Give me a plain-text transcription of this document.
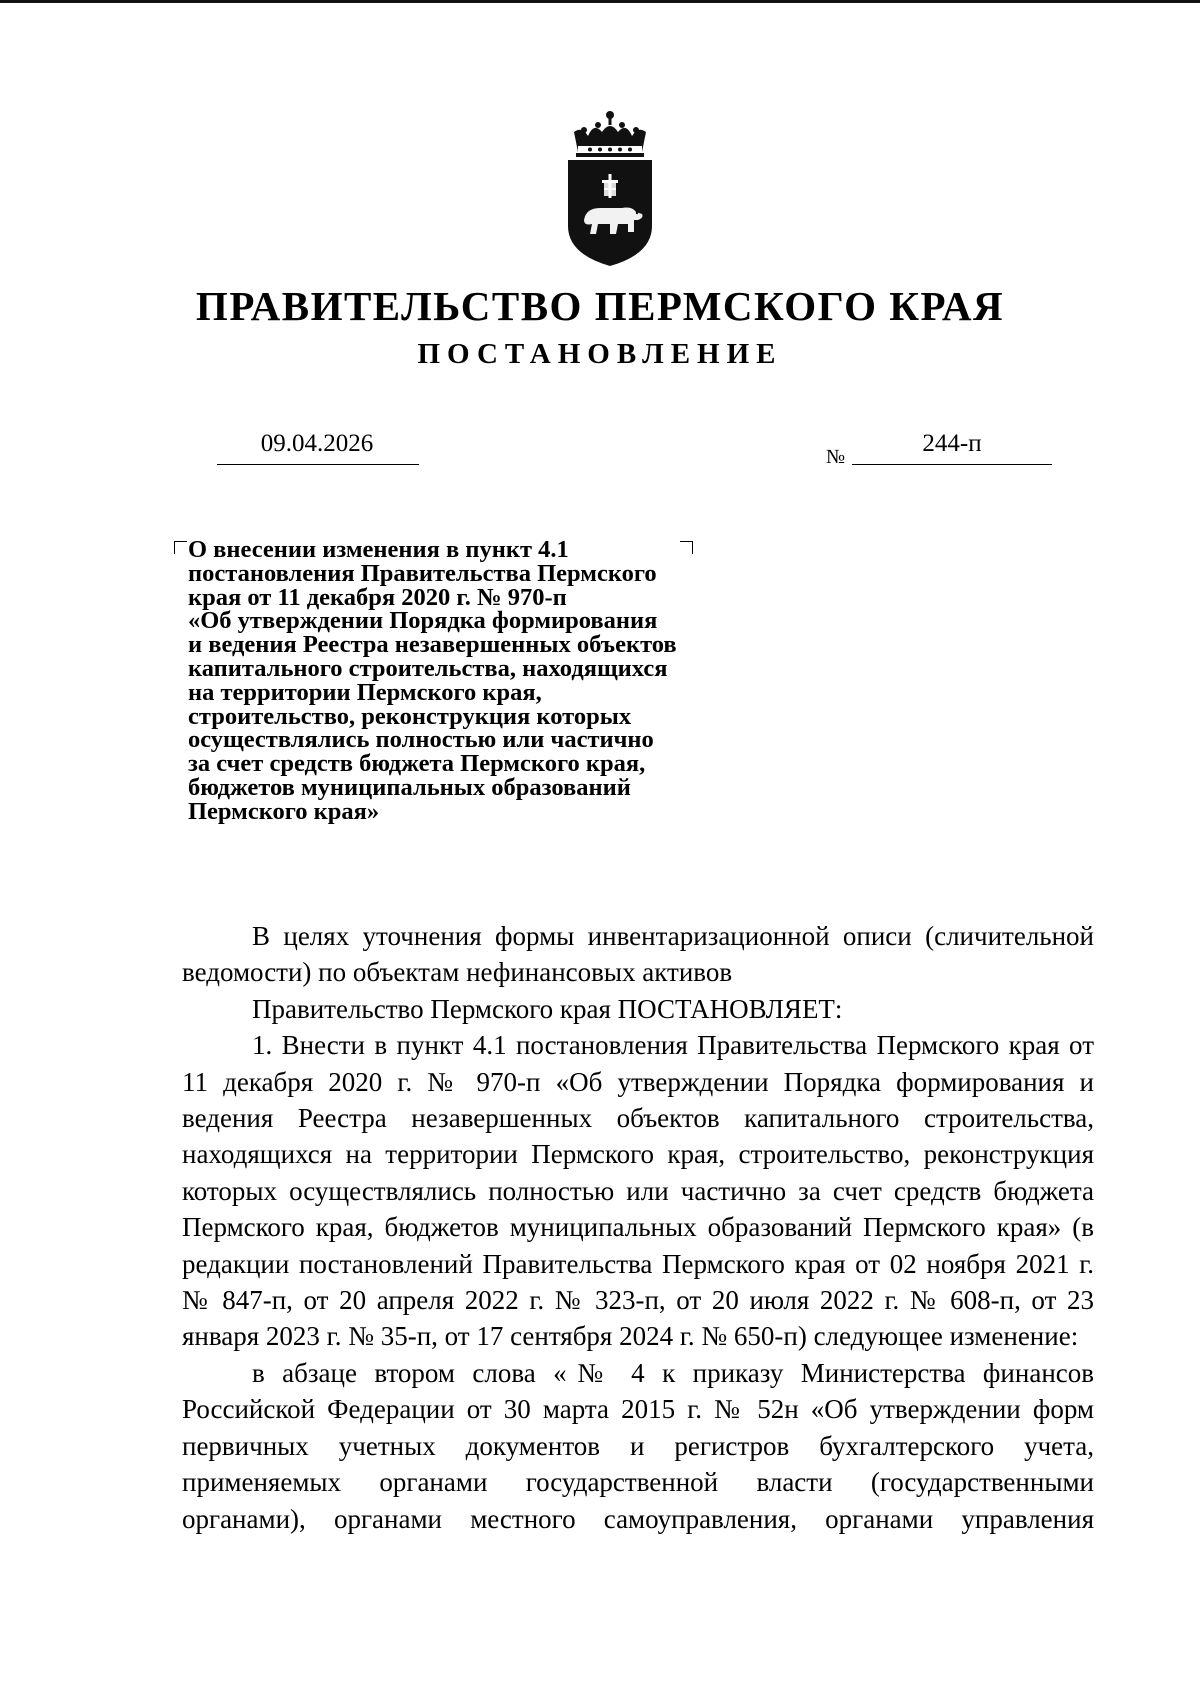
ПРАВИТЕЛЬСТВО ПЕРМСКОГО КРАЯ
ПОСТАНОВЛЕНИЕ
09.04.2026	№	244-п
О внесении изменения в пункт 4.1
постановления Правительства Пермского
края от 11 декабря 2020 г. № 970-п
«Об утверждении Порядка формирования
и ведения Реестра незавершенных объектов
капитального строительства, находящихся
на территории Пермского края,
строительство, реконструкция которых
осуществлялись полностью или частично
за счет средств бюджета Пермского края,
бюджетов муниципальных образований
Пермского края»

В целях уточнения формы инвентаризационной описи (сличительной ведомости) по объектам нефинансовых активов

Правительство Пермского края ПОСТАНОВЛЯЕТ:

1. Внести в пункт 4.1 постановления Правительства Пермского края от 11 декабря 2020 г. № 970-п «Об утверждении Порядка формирования и ведения Реестра незавершенных объектов капитального строительства, находящихся на территории Пермского края, строительство, реконструкция которых осуществлялись полностью или частично за счет средств бюджета Пермского края, бюджетов муниципальных образований Пермского края» (в редакции постановлений Правительства Пермского края от 02 ноября 2021 г. № 847-п, от 20 апреля 2022 г. № 323-п, от 20 июля 2022 г. № 608-п, от 23 января 2023 г. № 35-п, от 17 сентября 2024 г. № 650-п) следующее изменение:

в абзаце втором слова «№ 4 к приказу Министерства финансов Российской Федерации от 30 марта 2015 г. № 52н «Об утверждении форм первичных учетных документов и регистров бухгалтерского учета, применяемых органами государственной власти (государственными органами), органами местного самоуправления, органами управления
